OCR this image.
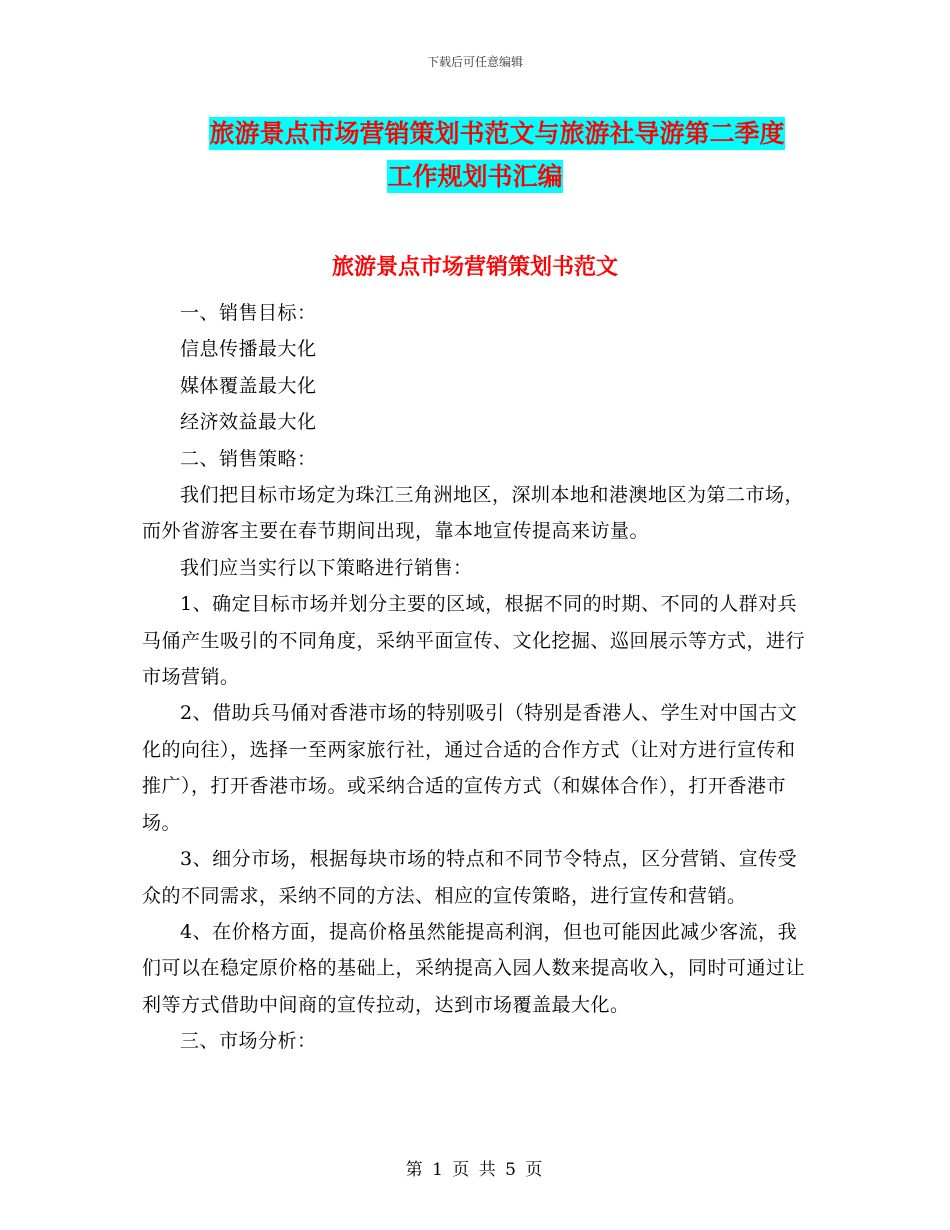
下载后可任意编辑
旅游景点市场营销策划书范文与旅游社导游第二季度
工作规划书汇编
旅游景点市场营销策划书范文

一、销售目标：

信息传播最大化

媒体覆盖最大化

经济效益最大化

二、销售策略：

我们把目标市场定为珠江三角洲地区，深圳本地和港澳地区为第二市场，而外省游客主要在春节期间出现，靠本地宣传提高来访量。

我们应当实行以下策略进行销售：

1、确定目标市场并划分主要的区域，根据不同的时期、不同的人群对兵马俑产生吸引的不同角度，采纳平面宣传、文化挖掘、巡回展示等方式，进行市场营销。

2、借助兵马俑对香港市场的特别吸引（特别是香港人、学生对中国古文化的向往），选择一至两家旅行社，通过合适的合作方式（让对方进行宣传和推广），打开香港市场。或采纳合适的宣传方式（和媒体合作），打开香港市场。

3、细分市场，根据每块市场的特点和不同节令特点，区分营销、宣传受众的不同需求，采纳不同的方法、相应的宣传策略，进行宣传和营销。

4、在价格方面，提高价格虽然能提高利润，但也可能因此减少客流，我们可以在稳定原价格的基础上，采纳提高入园人数来提高收入，同时可通过让利等方式借助中间商的宣传拉动，达到市场覆盖最大化。

三、市场分析：

第 1 页 共 5 页
